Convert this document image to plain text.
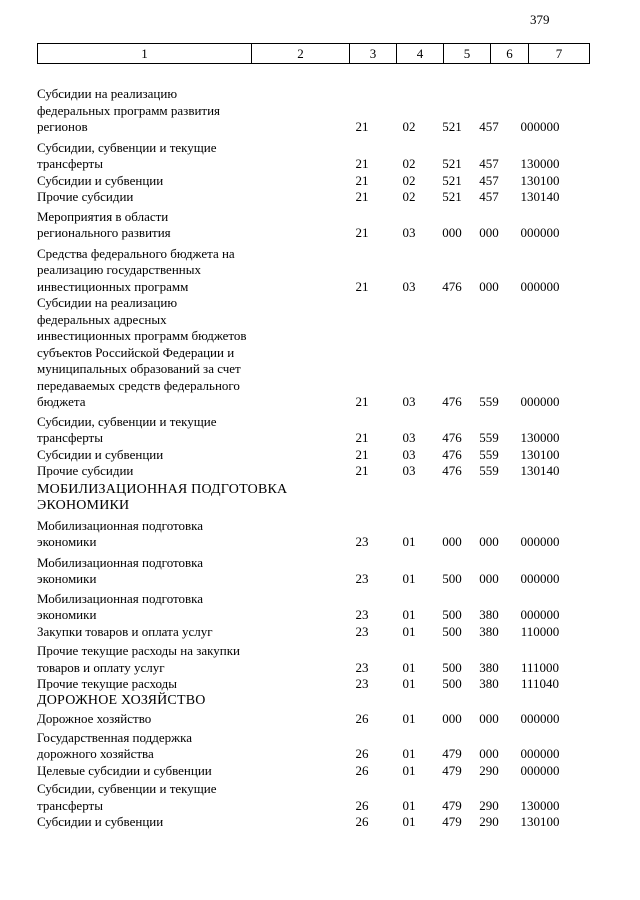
379
1	2	3	4	5	6	7
Субсидии на реализацию федеральных программ развития регионов	21	02	521	457	000000
Субсидии, субвенции и текущие трансферты	21	02	521	457	130000
Субсидии и субвенции	21	02	521	457	130100
Прочие субсидии	21	02	521	457	130140
Мероприятия в области регионального развития	21	03	000	000	000000
Средства федерального бюджета на реализацию государственных инвестиционных программ	21	03	476	000	000000
Субсидии на реализацию федеральных адресных инвестиционных программ бюджетов субъектов Российской Федерации и муниципальных образований за счет передаваемых средств федерального бюджета	21	03	476	559	000000
Субсидии, субвенции и текущие трансферты	21	03	476	559	130000
Субсидии и субвенции	21	03	476	559	130100
Прочие субсидии	21	03	476	559	130140
МОБИЛИЗАЦИОННАЯ ПОДГОТОВКА ЭКОНОМИКИ
Мобилизационная подготовка экономики	23	01	000	000	000000
Мобилизационная подготовка экономики	23	01	500	000	000000
Мобилизационная подготовка экономики	23	01	500	380	000000
Закупки товаров и оплата услуг	23	01	500	380	110000
Прочие текущие расходы на закупки товаров и оплату услуг	23	01	500	380	111000
Прочие текущие расходы	23	01	500	380	111040
ДОРОЖНОЕ ХОЗЯЙСТВО
Дорожное хозяйство	26	01	000	000	000000
Государственная поддержка дорожного хозяйства	26	01	479	000	000000
Целевые субсидии и субвенции	26	01	479	290	000000
Субсидии, субвенции и текущие трансферты	26	01	479	290	130000
Субсидии и субвенции	26	01	479	290	130100
